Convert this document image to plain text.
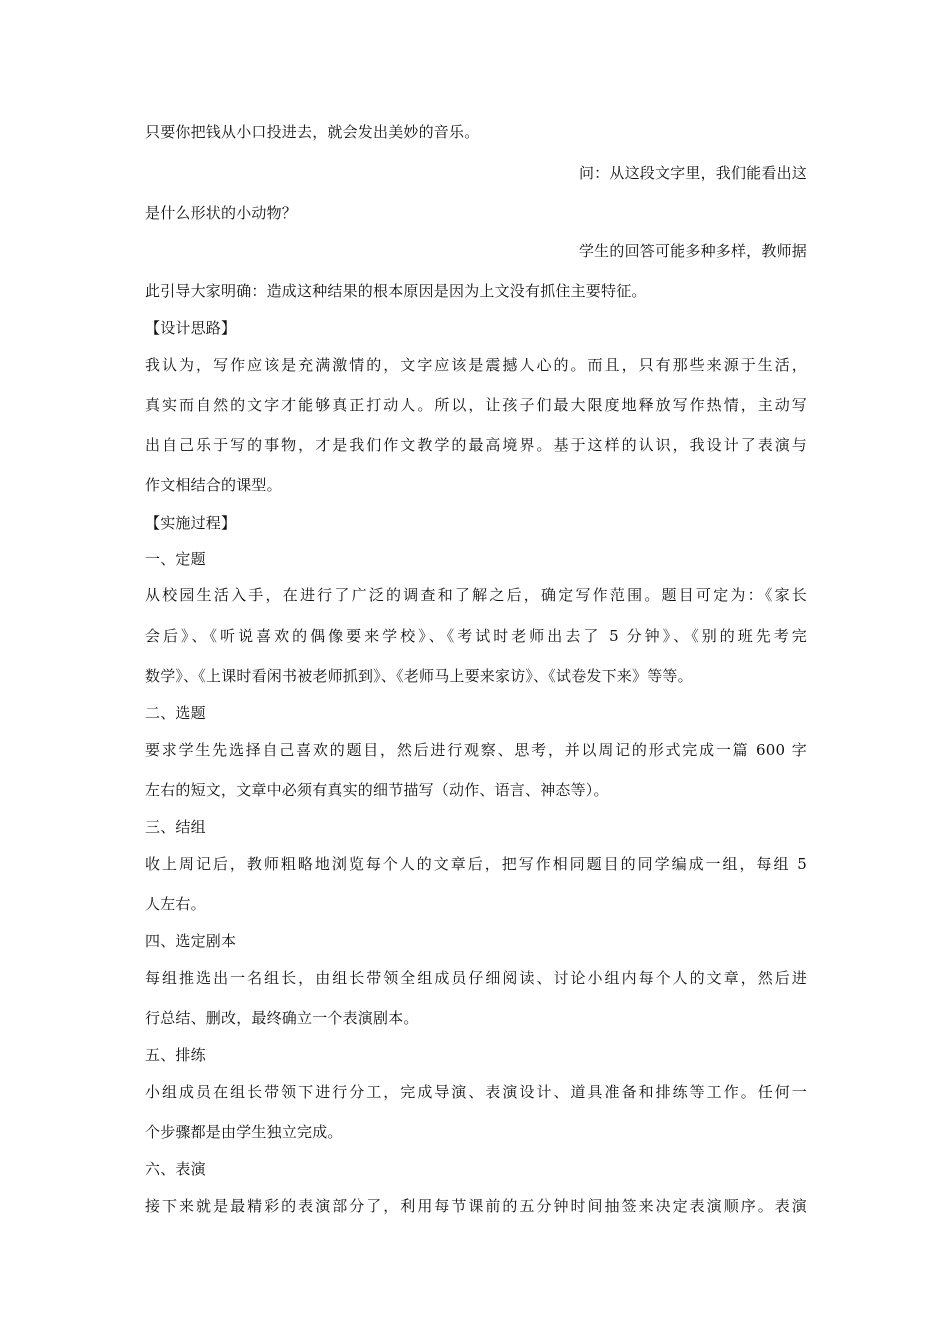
只要你把钱从小口投进去，就会发出美妙的音乐。
问：从这段文字里，我们能看出这
是什么形状的小动物？
学生的回答可能多种多样，教师据
此引导大家明确：造成这种结果的根本原因是因为上文没有抓住主要特征。
【设计思路】
我认为，写作应该是充满激情的，文字应该是震撼人心的。而且，只有那些来源于生活，
真实而自然的文字才能够真正打动人。所以，让孩子们最大限度地释放写作热情，主动写
出自己乐于写的事物，才是我们作文教学的最高境界。基于这样的认识，我设计了表演与
作文相结合的课型。
【实施过程】
一、定题
从校园生活入手，在进行了广泛的调查和了解之后，确定写作范围。题目可定为：《家长
会后》、《听说喜欢的偶像要来学校》、《考试时老师出去了 5 分钟》、《别的班先考完
数学》、《上课时看闲书被老师抓到》、《老师马上要来家访》、《试卷发下来》等等。
二、选题
要求学生先选择自己喜欢的题目，然后进行观察、思考，并以周记的形式完成一篇 600 字
左右的短文，文章中必须有真实的细节描写（动作、语言、神态等）。
三、结组
收上周记后，教师粗略地浏览每个人的文章后，把写作相同题目的同学编成一组，每组 5
人左右。
四、选定剧本
每组推选出一名组长，由组长带领全组成员仔细阅读、讨论小组内每个人的文章，然后进
行总结、删改，最终确立一个表演剧本。
五、排练
小组成员在组长带领下进行分工，完成导演、表演设计、道具准备和排练等工作。任何一
个步骤都是由学生独立完成。
六、表演
接下来就是最精彩的表演部分了，利用每节课前的五分钟时间抽签来决定表演顺序。表演
